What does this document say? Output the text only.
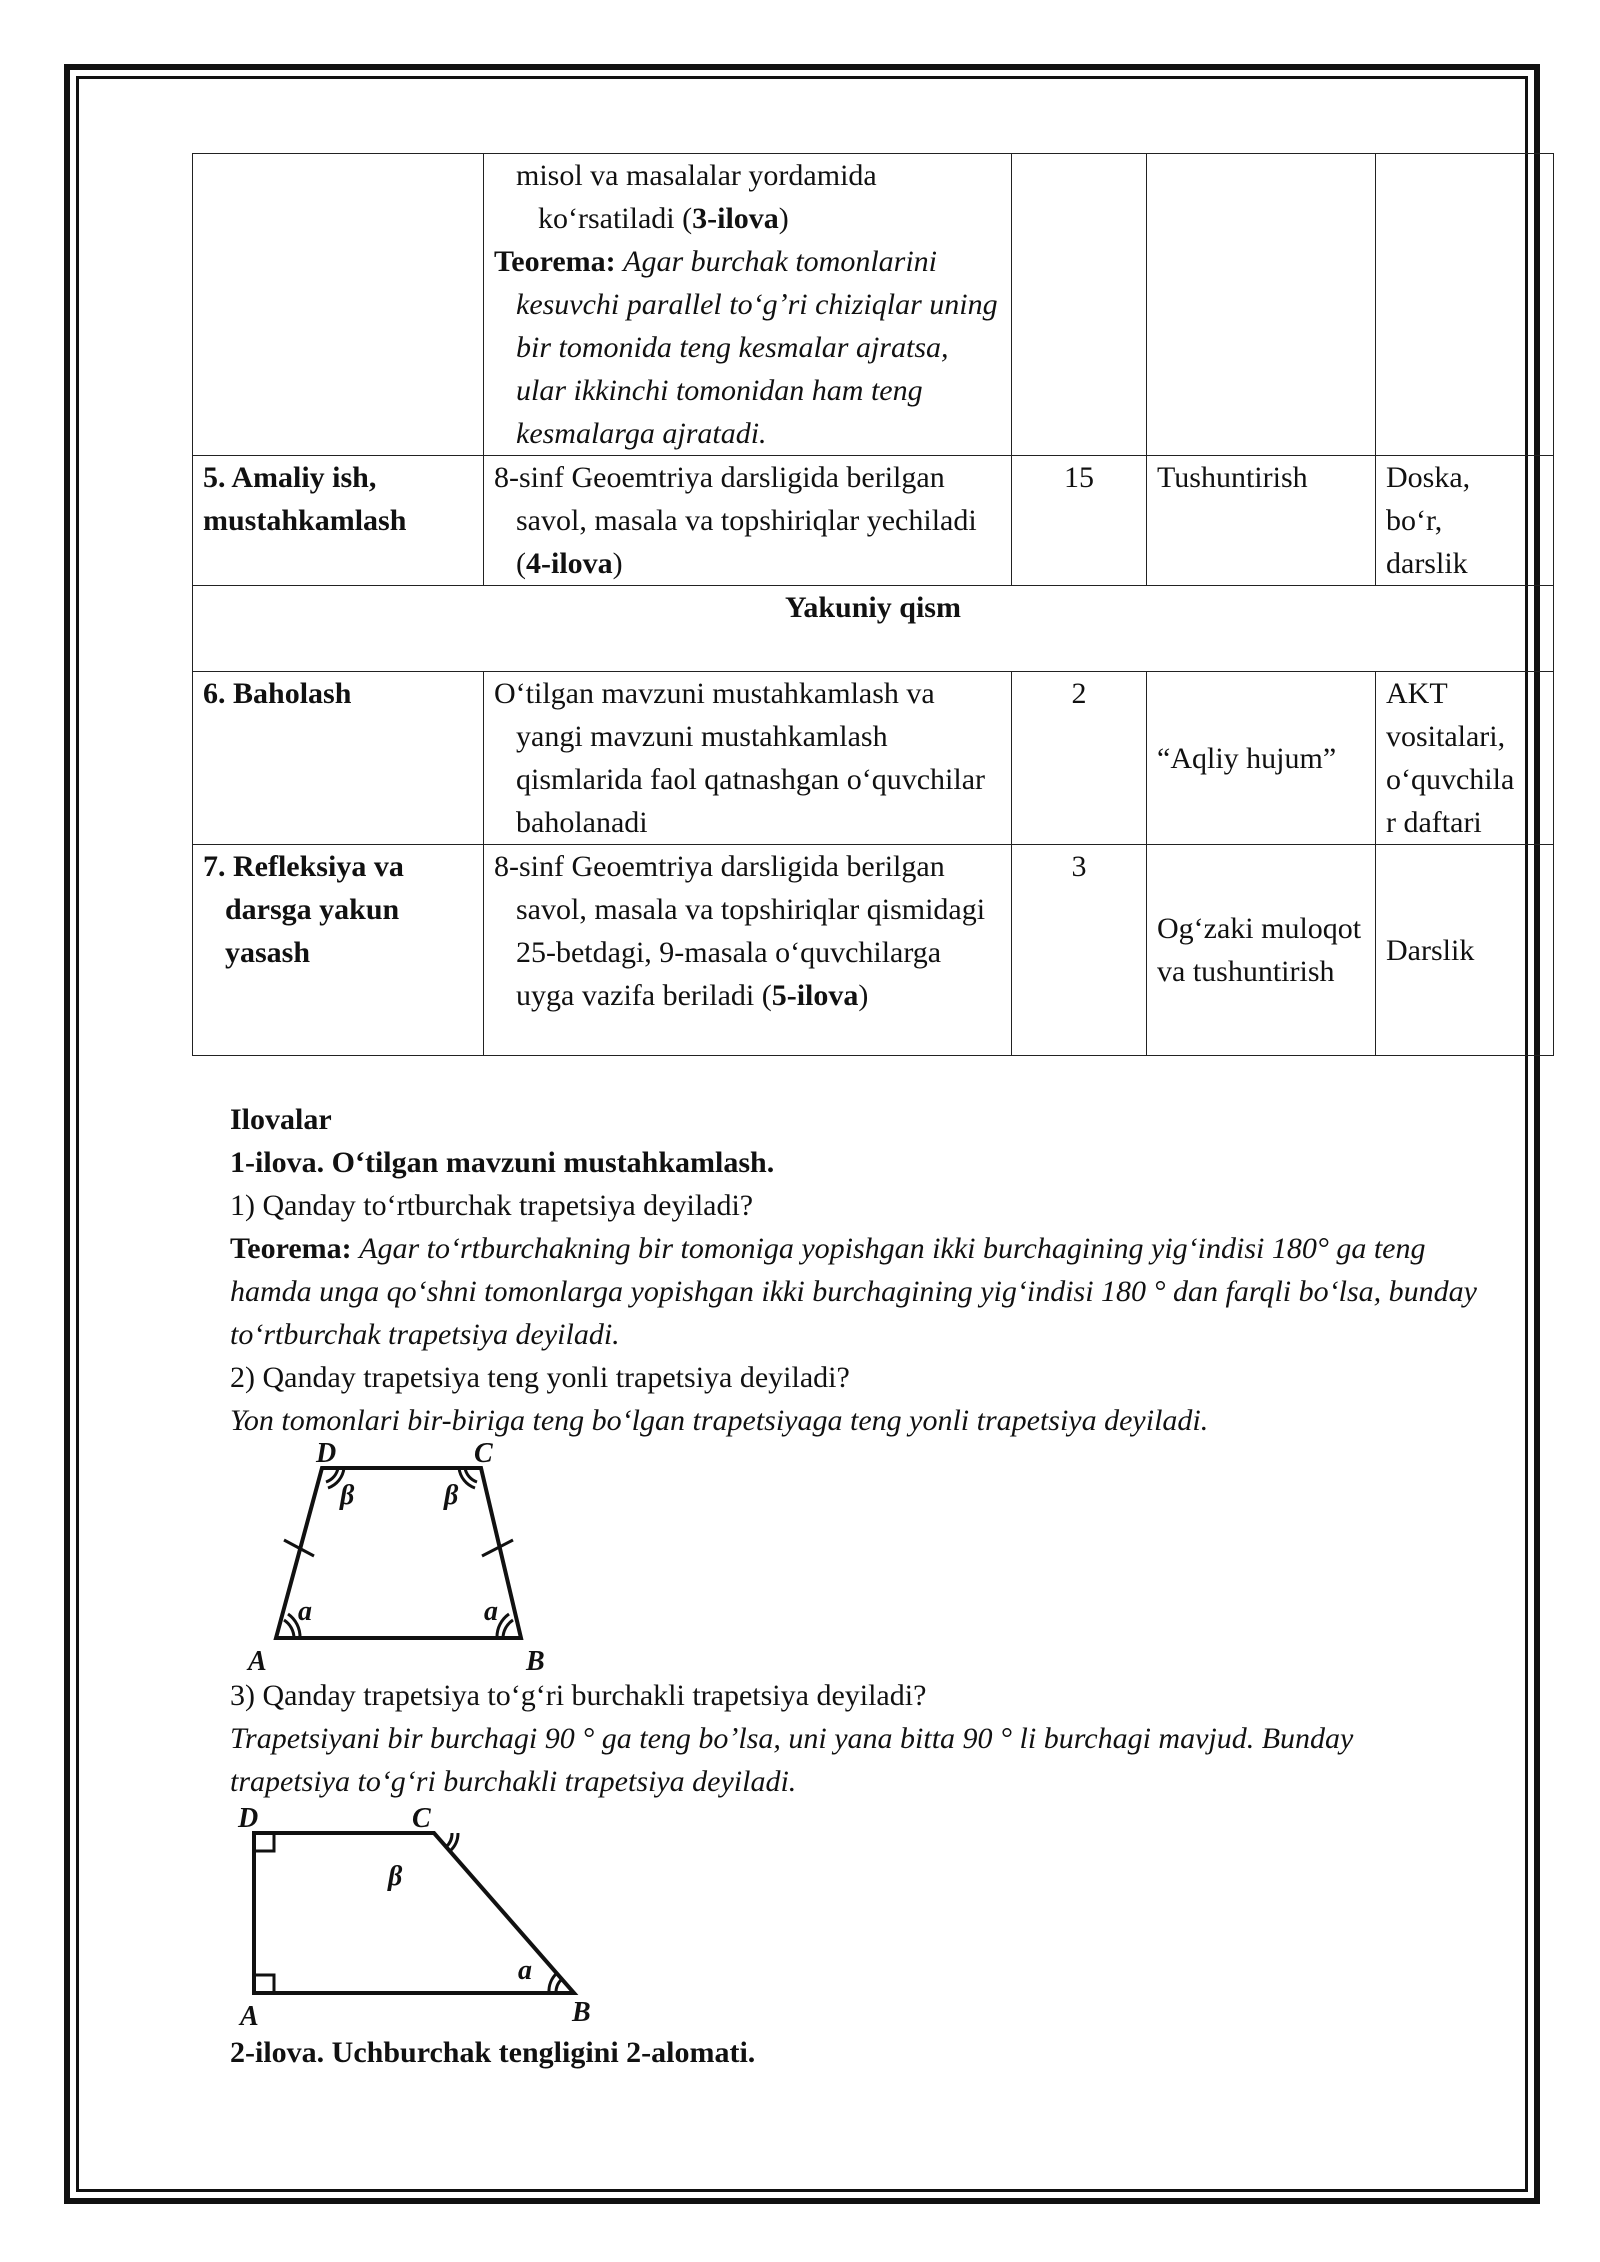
	misol va masalalar yordamida
koʻrsatiladi (3-ilova)
Teorema: Agar burchak tomonlarini kesuvchi parallel toʻgʼri chiziqlar uning bir tomonida teng kesmalar ajratsa, ular ikkinchi tomonidan ham teng kesmalarga ajratadi.			

5. Amaliy ish, mustahkamlash	8-sinf Geoemtriya darsligida berilgan savol, masala va topshiriqlar yechiladi (4-ilova)	15	Tushuntirish	Doska,
boʻr,
darslik
Yakuniy qism				
6. Baholash	Oʻtilgan mavzuni mustahkamlash va yangi mavzuni mustahkamlash qismlarida faol qatnashgan oʻquvchilar baholanadi	2	“Aqliy hujum”	AKT
vositalari,
oʻquvchila
r daftari

7. Refleksiya va darsga yakun yasash	8-sinf Geoemtriya darsligida berilgan savol, masala va topshiriqlar qismidagi 25-betdagi, 9-masala oʻquvchilarga uyga vazifa beriladi (5-ilova)	3	Ogʻzaki muloqot va tushuntirish	Darslik

Ilovalar

1-ilova. Oʻtilgan mavzuni mustahkamlash.

1) Qanday toʻrtburchak trapetsiya deyiladi?

Teorema: Agar toʻrtburchakning bir tomoniga yopishgan ikki burchagining yigʻindisi 180° ga teng hamda unga qoʻshni tomonlarga yopishgan ikki burchagining yigʻindisi 180 ° dan farqli boʻlsa, bunday toʻrtburchak trapetsiya deyiladi.

2) Qanday trapetsiya teng yonli trapetsiya deyiladi?

Yon tomonlari bir-biriga teng boʻlgan trapetsiyaga teng yonli trapetsiya deyiladi.

A	B
C
D
a	a
β	β

3) Qanday trapetsiya toʻgʻri burchakli trapetsiya deyiladi?

Trapetsiyani bir burchagi 90 ° ga teng boʼlsa, uni yana bitta 90 ° li burchagi mavjud. Bunday trapetsiya toʻgʻri burchakli trapetsiya deyiladi.

A	B
C
D
a
β

2-ilova. Uchburchak tengligini 2-alomati.
